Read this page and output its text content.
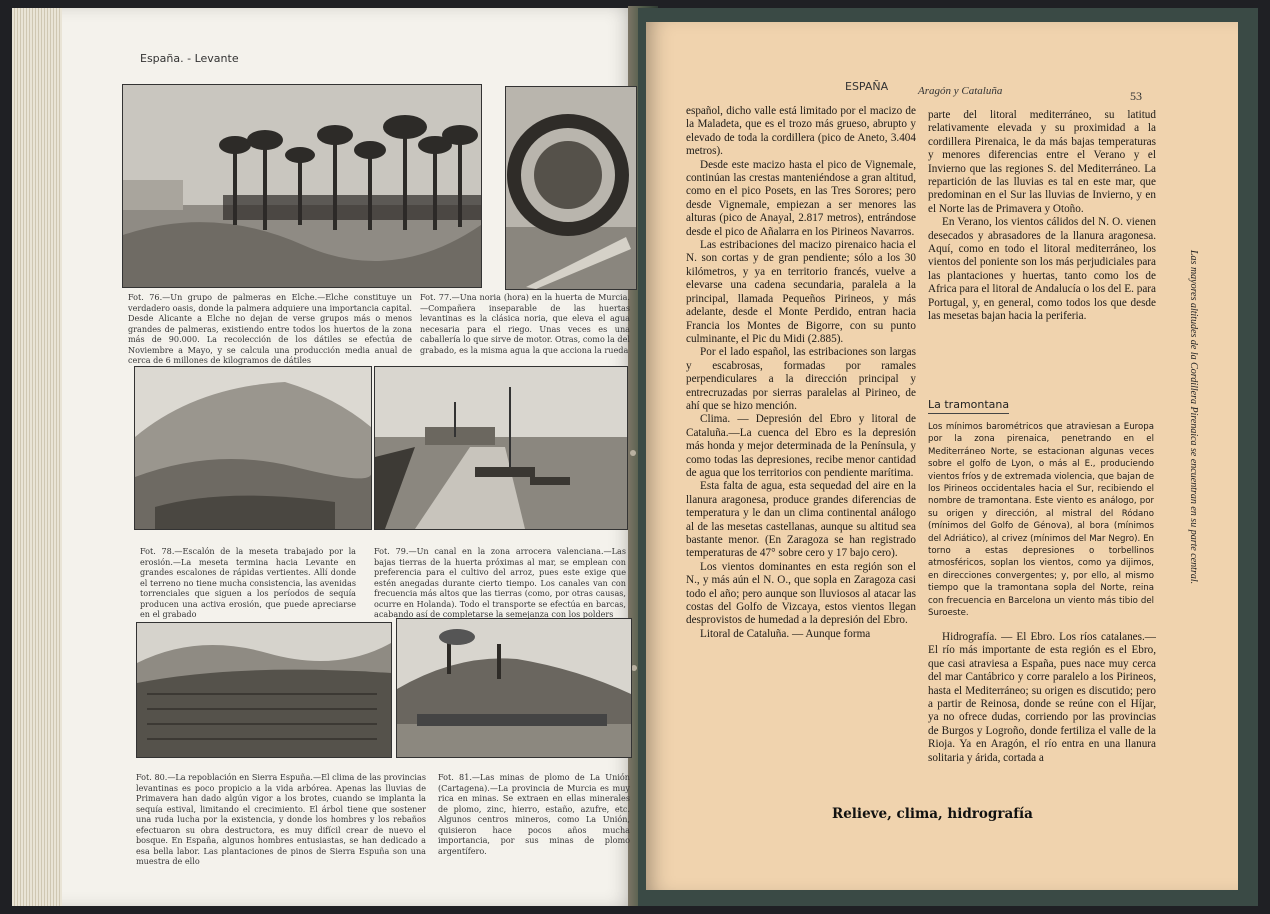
España. - Levante
Fot. 76.—Un grupo de palmeras en Elche.—Elche constituye un verdadero oasis, donde la palmera adquiere una importancia capital. Desde Alicante a Elche no dejan de verse grupos más o menos grandes de palmeras, existiendo entre todos los huertos de la zona más de 90.000. La recolección de los dátiles se efectúa de Noviembre a Mayo, y se calcula una producción media anual de cerca de 6 millones de kilogramos de dátiles
Fot. 77.—Una noria (hora) en la huerta de Murcia.—Compañera inseparable de las huertas levantinas es la clásica noria, que eleva el agua necesaria para el riego. Unas veces es una caballería lo que sirve de motor. Otras, como la del grabado, es la misma agua la que acciona la rueda
Fot. 78.—Escalón de la meseta trabajado por la erosión.—La meseta termina hacia Levante en grandes escalones de rápidas vertientes. Allí donde el terreno no tiene mucha consistencia, las avenidas torrenciales que siguen a los períodos de sequía producen una activa erosión, que puede apreciarse en el grabado
Fot. 79.—Un canal en la zona arrocera valenciana.—Las bajas tierras de la huerta próximas al mar, se emplean con preferencia para el cultivo del arroz, pues este exige que estén anegadas durante cierto tiempo. Los canales van con frecuencia más altos que las tierras (como, por otras causas, ocurre en Holanda). Todo el transporte se efectúa en barcas, acabando así de completarse la semejanza con los polders
Fot. 80.—La repoblación en Sierra Espuña.—El clima de las provincias levantinas es poco propicio a la vida arbórea. Apenas las lluvias de Primavera han dado algún vigor a los brotes, cuando se implanta la sequía estival, limitando el crecimiento. El árbol tiene que sostener una ruda lucha por la existencia, y donde los hombres y los rebaños efectuaron su obra destructora, es muy difícil crear de nuevo el bosque. En España, algunos hombres entusiastas, se han dedicado a esa bella labor. Las plantaciones de pinos de Sierra Espuña son una muestra de ello
Fot. 81.—Las minas de plomo de La Unión (Cartagena).—La provincia de Murcia es muy rica en minas. Se extraen en ellas minerales de plomo, zinc, hierro, estaño, azufre, etc. Algunos centros mineros, como La Unión, quisieron hace pocos años mucha importancia, por sus minas de plomo argentífero.
ESPAÑA	Aragón y Cataluña	53

español, dicho valle está limitado por el macizo de la Maladeta, que es el trozo más grueso, abrupto y elevado de toda la cordillera (pico de Aneto, 3.404 metros).

Desde este macizo hasta el pico de Vignemale, continúan las crestas manteniéndose a gran altitud, como en el pico Posets, en las Tres Sorores; pero desde Vignemale, empiezan a ser menores las alturas (pico de Anayal, 2.817 metros), entrándose desde el pico de Añalarra en los Pirineos Navarros.

Las estribaciones del macizo pirenaico hacia el N. son cortas y de gran pendiente; sólo a los 30 kilómetros, y ya en territorio francés, vuelve a elevarse una cadena secundaria, paralela a la principal, llamada Pequeños Pirineos, y más adelante, desde el Monte Perdido, entran hacia Francia los Montes de Bigorre, con su punto culminante, el Pic du Midi (2.885).

Por el lado español, las estribaciones son largas y escabrosas, formadas por ramales perpendiculares a la dirección principal y entrecruzadas por sierras paralelas al Pirineo, de ahí que se hizo mención.

Clima. — Depresión del Ebro y litoral de Cataluña.—La cuenca del Ebro es la depresión más honda y mejor determinada de la Península, y como todas las depresiones, recibe menor cantidad de agua que los territorios con pendiente marítima.

Esta falta de agua, esta sequedad del aire en la llanura aragonesa, produce grandes diferencias de temperatura y le dan un clima continental análogo al de las mesetas castellanas, aunque su altitud sea bastante menor. (En Zaragoza se han registrado temperaturas de 47° sobre cero y 17 bajo cero).

Los vientos dominantes en esta región son el N., y más aún el N. O., que sopla en Zaragoza casi todo el año; pero aunque son lluviosos al atacar las costas del Golfo de Vizcaya, estos vientos llegan desprovistos de humedad a la depresión del Ebro.

Litoral de Cataluña. — Aunque forma

parte del litoral mediterráneo, su latitud relativamente elevada y su proximidad a la cordillera Pirenaica, le da más bajas temperaturas y menores diferencias entre el Verano y el Invierno que las regiones S. del Mediterráneo. La repartición de las lluvias es tal en este mar, que predominan en el Sur las lluvias de Invierno, y en el Norte las de Primavera y Otoño.

En Verano, los vientos cálidos del N. O. vienen desecados y abrasadores de la llanura aragonesa. Aquí, como en todo el litoral mediterráneo, los vientos del poniente son los más perjudiciales para las plantaciones y huertas, tanto como los de Africa para el litoral de Andalucía o los del E. para Portugal, y, en general, como todos los que desde las mesetas bajan hacia la periferia.

La tramontana
Los mínimos barométricos que atraviesan a Europa por la zona pirenaica, penetrando en el Mediterráneo Norte, se estacionan algunas veces sobre el golfo de Lyon, o más al E., produciendo vientos fríos y de extremada violencia, que bajan de los Pirineos occidentales hacia el Sur, recibiendo el nombre de tramontana. Este viento es análogo, por su origen y dirección, al mistral del Ródano (mínimos del Golfo de Génova), al bora (mínimos del Adriático), al crivez (mínimos del Mar Negro). En torno a estas depresiones o torbellinos atmosféricos, soplan los vientos, como ya dijimos, en direcciones convergentes; y, por ello, al mismo tiempo que la tramontana sopla del Norte, reina con frecuencia en Barcelona un viento más tibio del Suroeste.
Hidrografía. — El Ebro. Los ríos catalanes.—El río más importante de esta región es el Ebro, que casi atraviesa a España, pues nace muy cerca del mar Cantábrico y corre paralelo a los Pirineos, hasta el Mediterráneo; su origen es discutido; pero a partir de Reinosa, donde se reúne con el Híjar, ya no ofrece dudas, corriendo por las provincias de Burgos y Logroño, donde fertiliza el valle de la Rioja. Ya en Aragón, el río entra en una llanura solitaria y árida, cortada a
Relieve, clima, hidrografía
Las mayores altitudes de la Cordillera Pirenaica se encuentran en su parte central.
